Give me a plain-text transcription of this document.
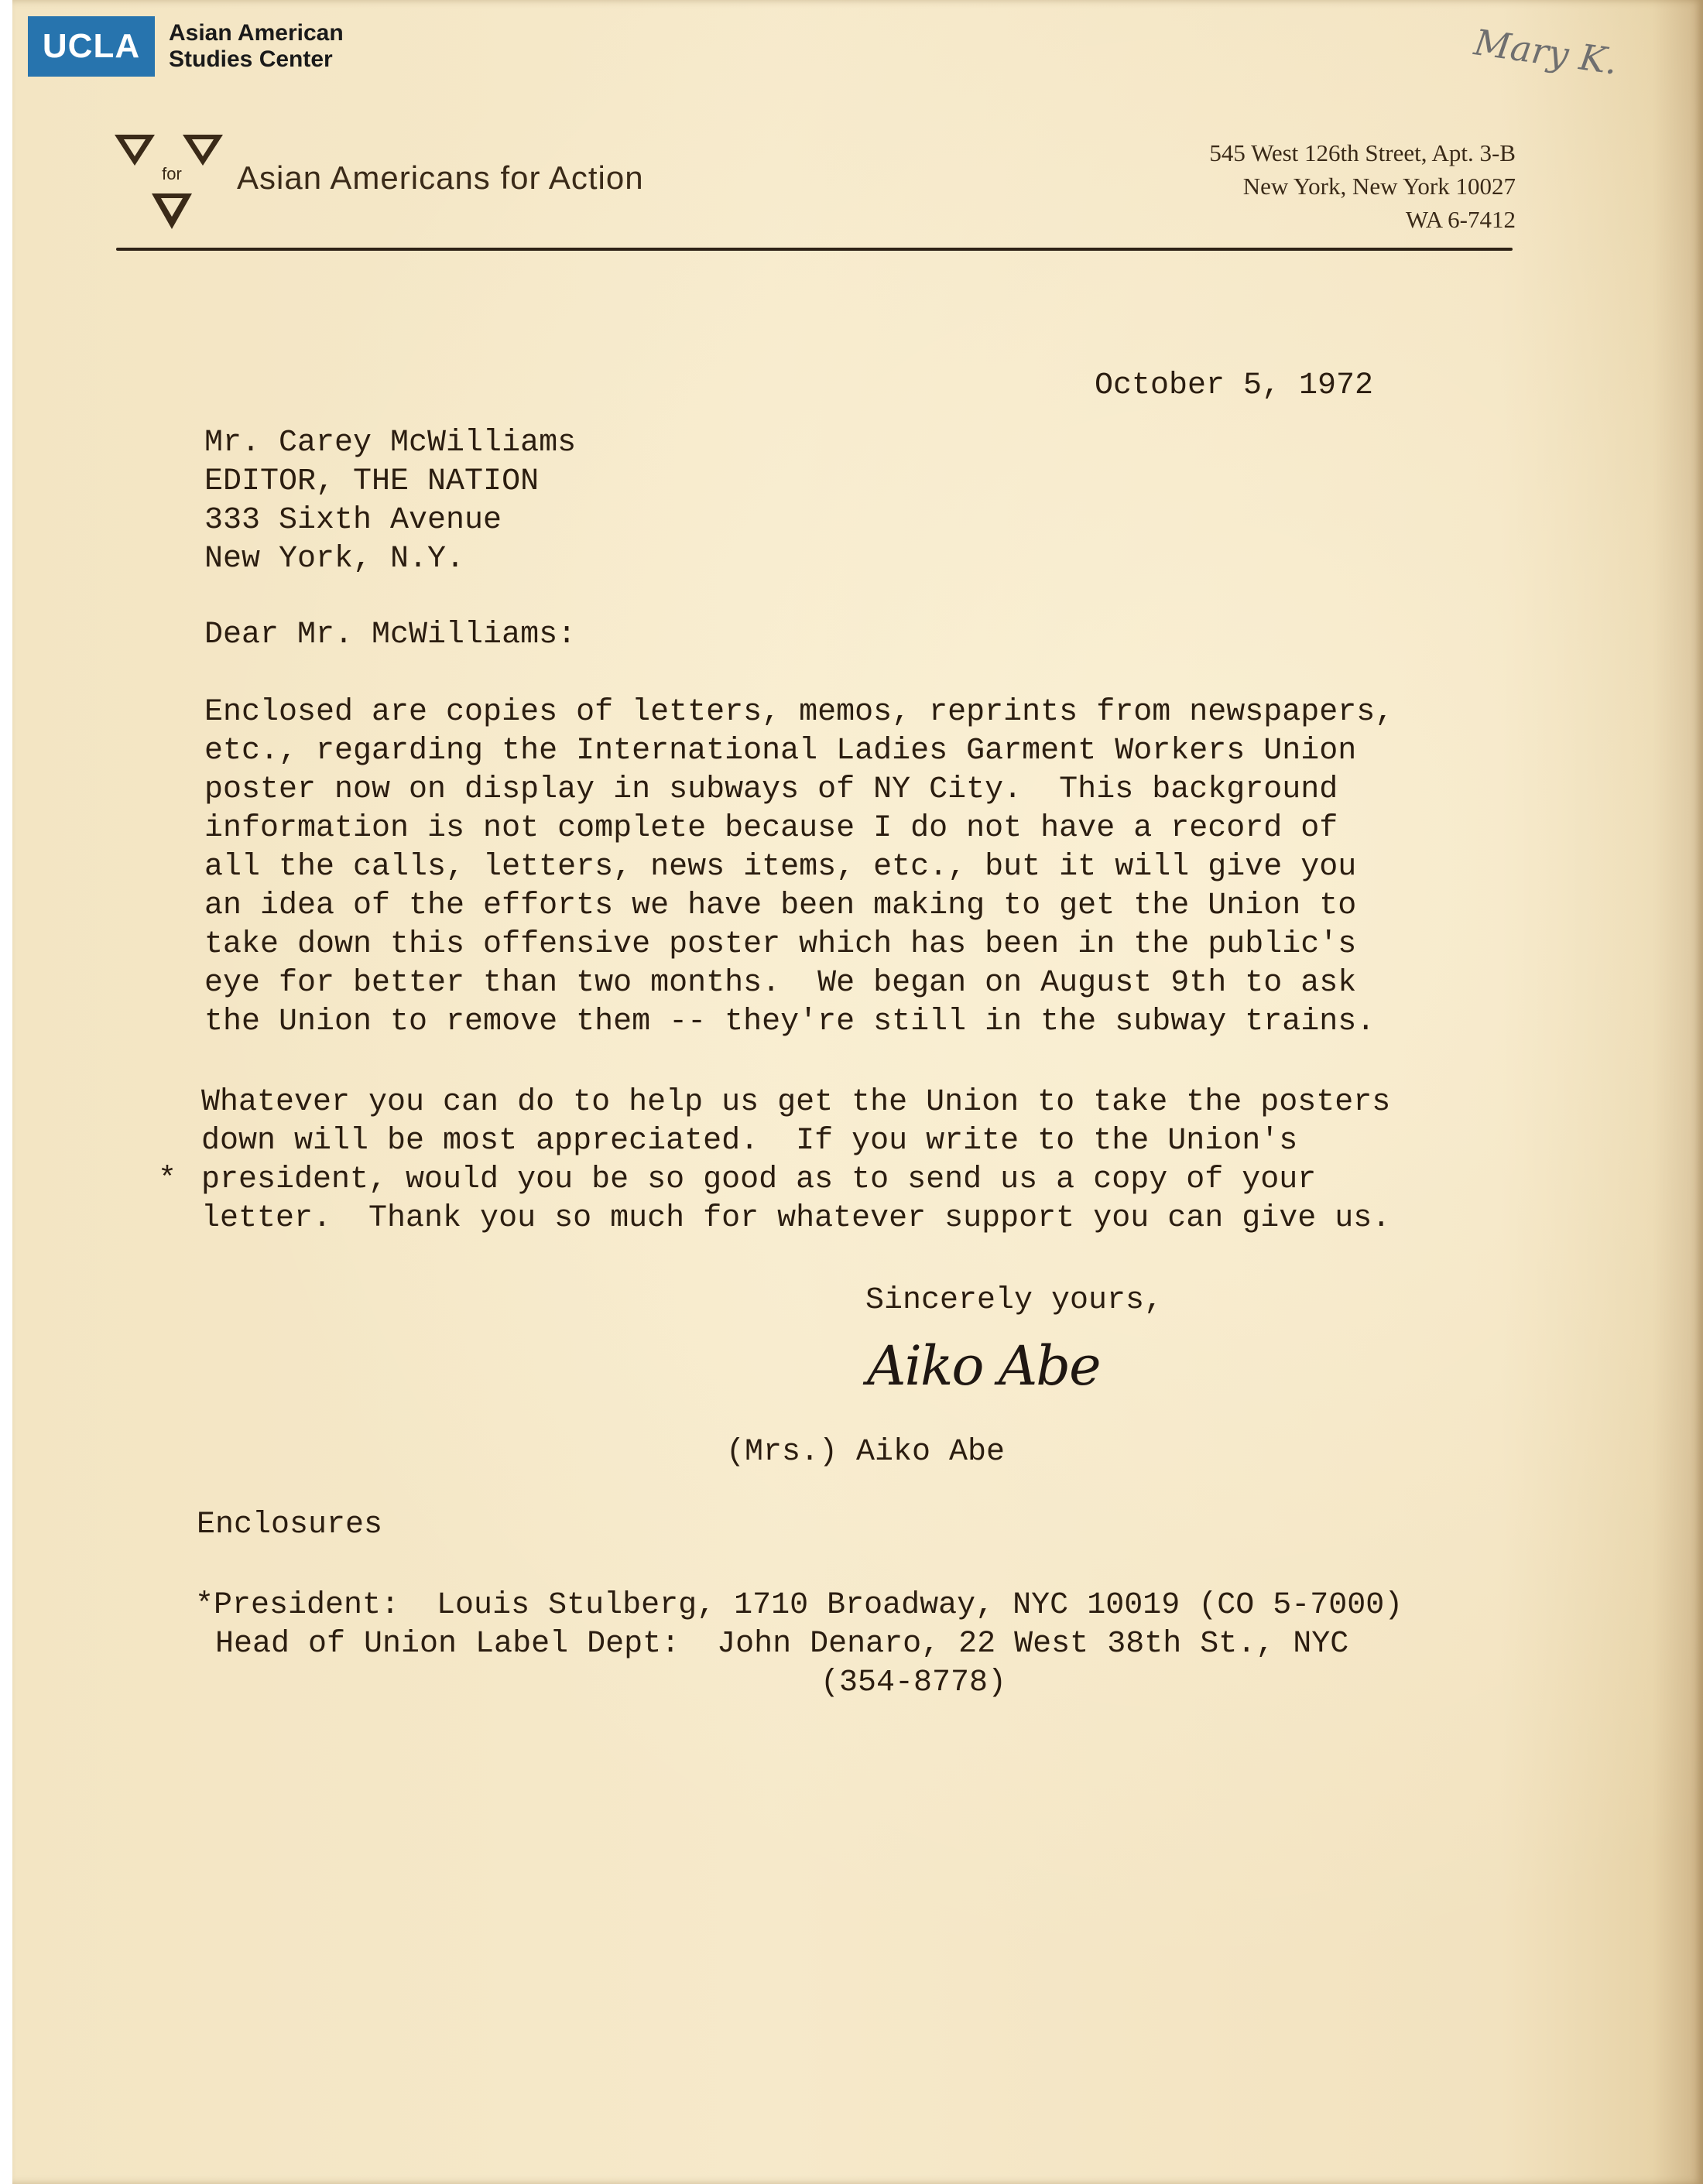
UCLA	Asian American
Studies Center	Mary K.
for Asian Americans for Action
545 West 126th Street, Apt. 3-B
New York, New York 10027
WA 6-7412
October 5, 1972
Mr. Carey McWilliams
EDITOR, THE NATION
333 Sixth Avenue
New York, N.Y.
Dear Mr. McWilliams:
Enclosed are copies of letters, memos, reprints from newspapers,
etc., regarding the International Ladies Garment Workers Union
poster now on display in subways of NY City.  This background
information is not complete because I do not have a record of
all the calls, letters, news items, etc., but it will give you
an idea of the efforts we have been making to get the Union to
take down this offensive poster which has been in the public's
eye for better than two months.  We began on August 9th to ask
the Union to remove them -- they're still in the subway trains.
*
Whatever you can do to help us get the Union to take the posters
down will be most appreciated.  If you write to the Union's
president, would you be so good as to send us a copy of your
letter.  Thank you so much for whatever support you can give us.
Sincerely yours,
Aiko Abe
(Mrs.) Aiko Abe
Enclosures
*President:  Louis Stulberg, 1710 Broadway, NYC 10019 (CO 5-7000)
Head of Union Label Dept:  John Denaro, 22 West 38th St., NYC
(354-8778)
